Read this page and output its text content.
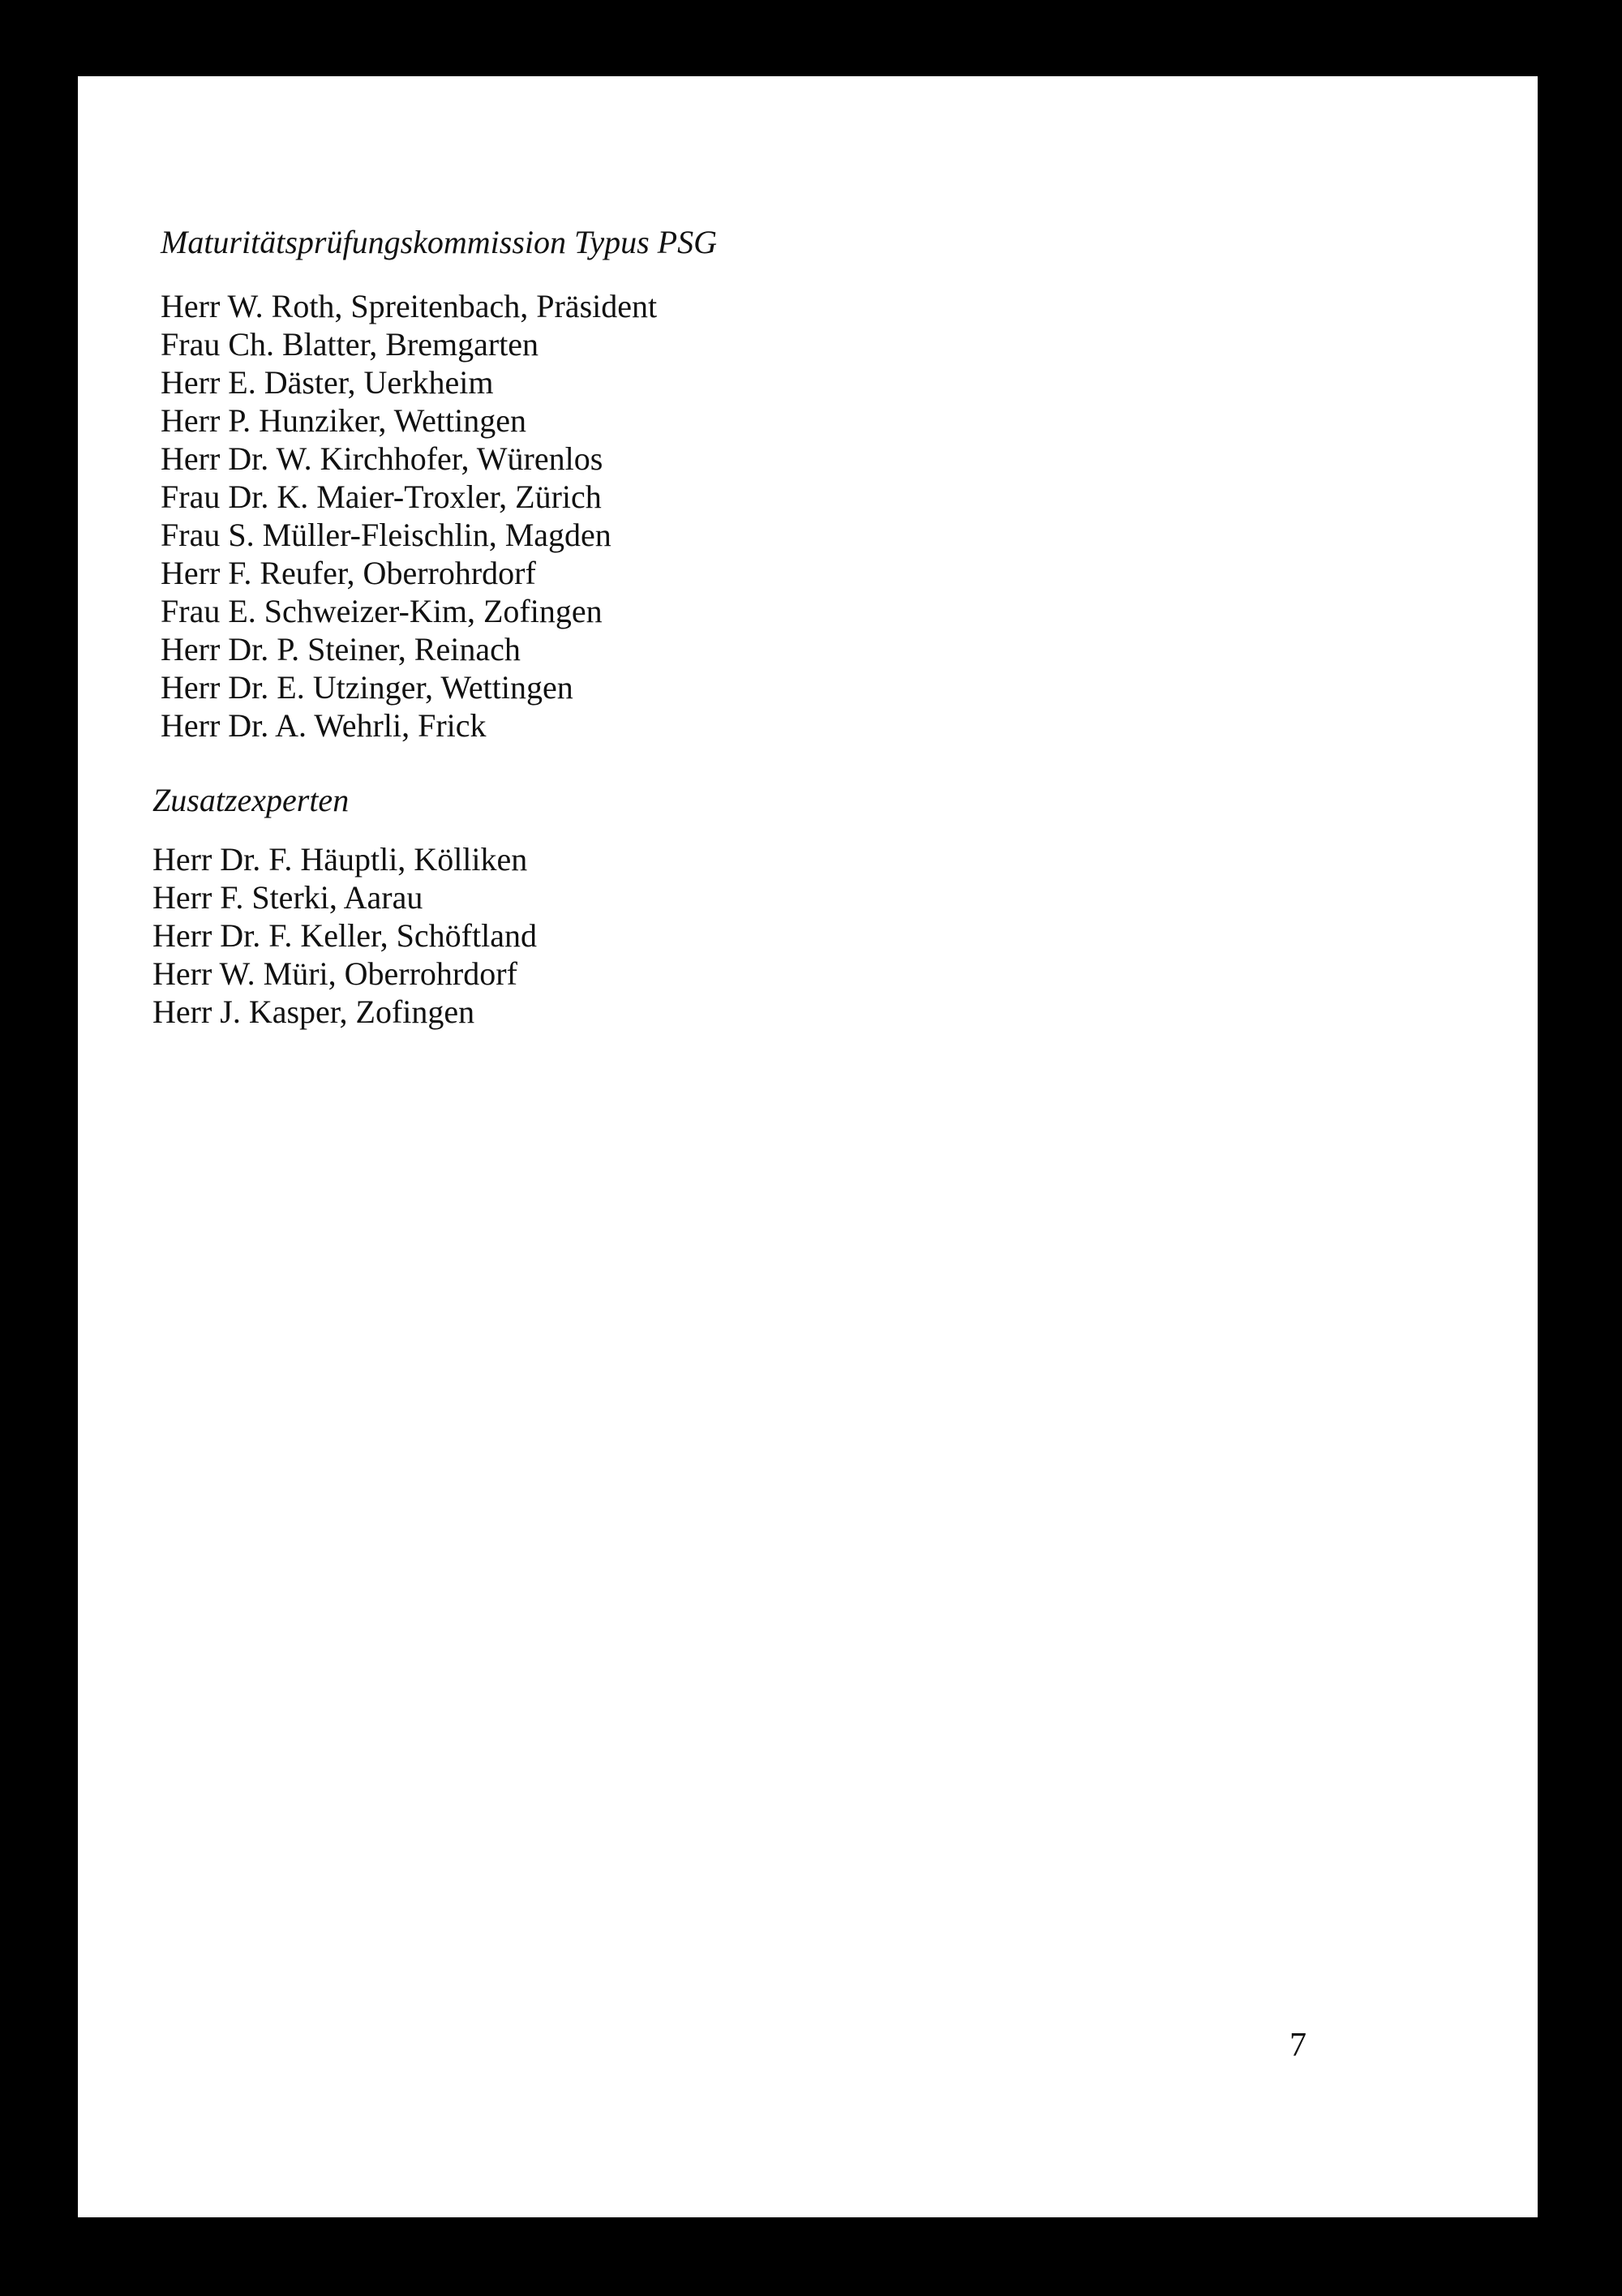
Maturitätsprüfungskommission Typus PSG
Herr W. Roth, Spreitenbach, Präsident
Frau Ch. Blatter, Bremgarten
Herr E. Däster, Uerkheim
Herr P. Hunziker, Wettingen
Herr Dr. W. Kirchhofer, Würenlos
Frau Dr. K. Maier-Troxler, Zürich
Frau S. Müller-Fleischlin, Magden
Herr F. Reufer, Oberrohrdorf
Frau E. Schweizer-Kim, Zofingen
Herr Dr. P. Steiner, Reinach
Herr Dr. E. Utzinger, Wettingen
Herr Dr. A. Wehrli, Frick
Zusatzexperten
Herr Dr. F. Häuptli, Kölliken
Herr F. Sterki, Aarau
Herr Dr. F. Keller, Schöftland
Herr W. Müri, Oberrohrdorf
Herr J. Kasper, Zofingen
7
